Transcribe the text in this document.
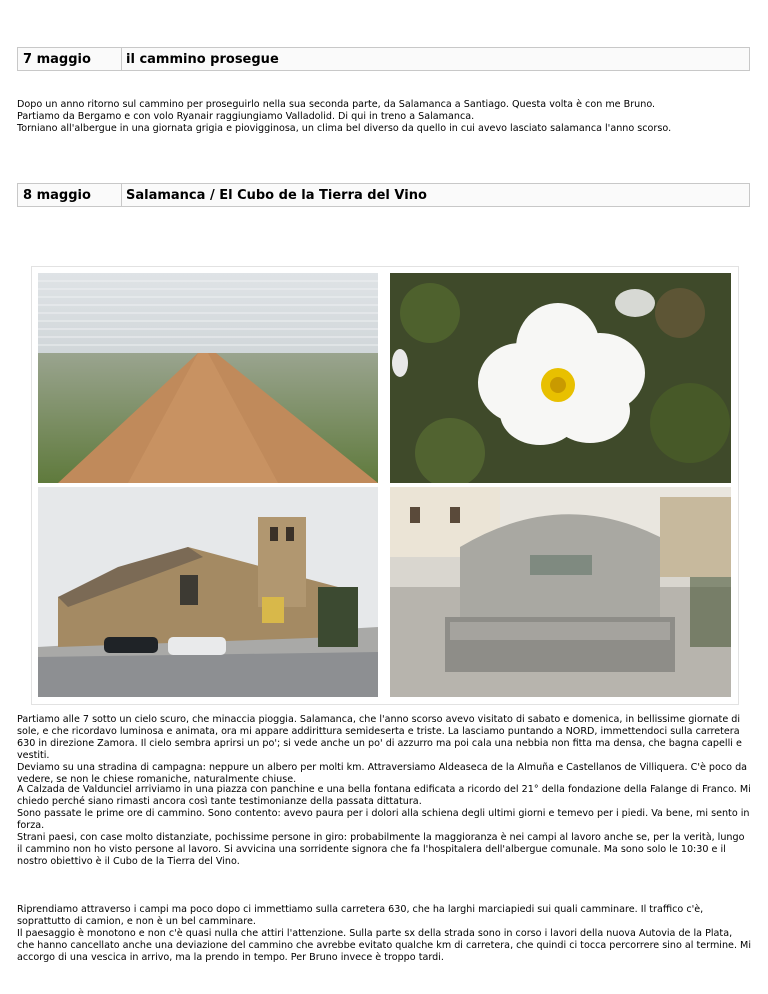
7 maggio	il cammino prosegue

Dopo un anno ritorno sul cammino per proseguirlo nella sua seconda parte, da Salamanca a Santiago. Questa volta è con me Bruno.

Partiamo da Bergamo e con volo Ryanair raggiungiamo Valladolid. Di qui in treno a Salamanca.

Torniano all'albergue in una giornata grigia e piovigginosa, un clima bel diverso da quello in cui avevo lasciato salamanca l'anno scorso.

8 maggio	Salamanca / El Cubo de la Tierra del Vino

Partiamo alle 7 sotto un cielo scuro, che minaccia pioggia. Salamanca, che l'anno scorso avevo visitato di sabato e domenica, in bellissime giornate di sole, e che ricordavo luminosa e animata, ora mi appare addirittura semideserta e triste. La lasciamo puntando a NORD, immettendoci sulla carretera 630 in direzione Zamora. Il cielo sembra aprirsi un po'; si vede anche un po' di azzurro ma poi cala una nebbia non fitta ma densa, che bagna capelli e vestiti.

Deviamo su una stradina di campagna: neppure un albero per molti km. Attraversiamo Aldeaseca de la Almuña e Castellanos de Villiquera. C'è poco da vedere, se non le chiese romaniche, naturalmente chiuse.

A Calzada de Valdunciel arriviamo in una piazza con panchine e una bella fontana edificata a ricordo del 21° della fondazione della Falange di Franco. Mi chiedo perché siano rimasti ancora così tante testimonianze della passata dittatura.

Sono passate le prime ore di cammino. Sono contento: avevo paura per i dolori alla schiena degli ultimi giorni e temevo per i piedi. Va bene, mi sento in forza.

Strani paesi, con case molto distanziate, pochissime persone in giro: probabilmente la maggioranza è nei campi al lavoro anche se, per la verità, lungo il cammino non ho visto persone al lavoro. Si avvicina una sorridente signora che fa l'hospitalera dell'albergue comunale. Ma sono solo le 10:30 e il nostro obiettivo è il Cubo de la Tierra del Vino.

Riprendiamo attraverso i campi ma poco dopo ci immettiamo sulla carretera 630, che ha larghi marciapiedi sui quali camminare. Il traffico c'è, soprattutto di camion, e non è un bel camminare.

Il paesaggio è monotono e non c'è quasi nulla che attiri l'attenzione. Sulla parte sx della strada sono in corso i lavori della nuova Autovia de la Plata, che hanno cancellato anche una deviazione del cammino che avrebbe evitato qualche km di carretera, che quindi ci tocca percorrere sino al termine. Mi accorgo di una vescica in arrivo, ma la prendo in tempo. Per Bruno invece è troppo tardi.
